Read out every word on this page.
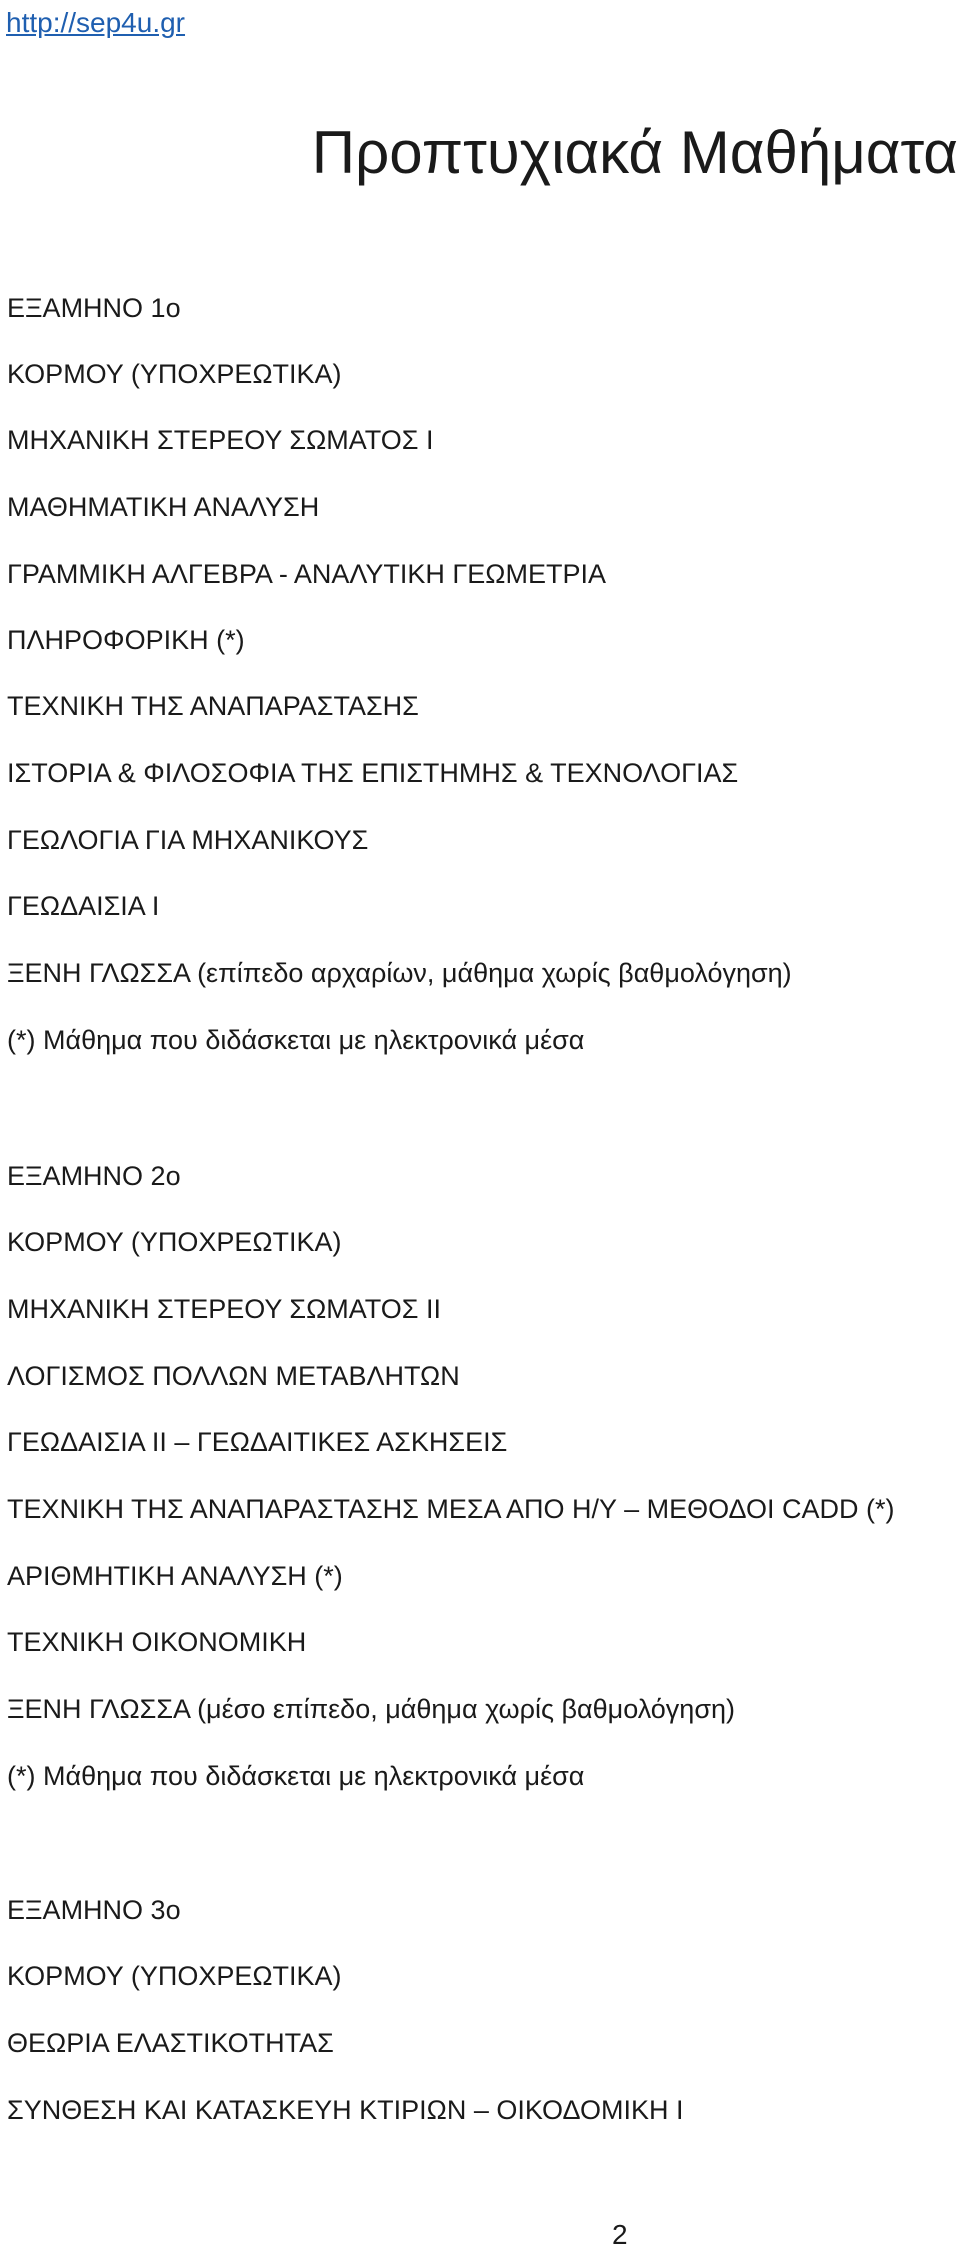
http://sep4u.gr
Προπτυχιακά Μαθήματα
ΕΞΑΜΗΝΟ 1ο
ΚΟΡΜΟΥ (ΥΠΟΧΡΕΩΤΙΚΑ)
ΜΗΧΑΝΙΚΗ ΣΤΕΡΕΟΥ ΣΩΜΑΤΟΣ Ι
ΜΑΘΗΜΑΤΙΚΗ ΑΝΑΛΥΣΗ
ΓΡΑΜΜΙΚΗ ΑΛΓΕΒΡΑ - ΑΝΑΛΥΤΙΚΗ ΓΕΩΜΕΤΡΙΑ
ΠΛΗΡΟΦΟΡΙΚΗ (*)
ΤΕΧΝΙΚΗ ΤΗΣ ΑΝΑΠΑΡΑΣΤΑΣΗΣ
ΙΣΤΟΡΙΑ & ΦΙΛΟΣΟΦΙΑ ΤΗΣ ΕΠΙΣΤΗΜΗΣ & ΤΕΧΝΟΛΟΓΙΑΣ
ΓΕΩΛΟΓΙΑ ΓΙΑ ΜΗΧΑΝΙΚΟΥΣ
ΓΕΩΔΑΙΣΙΑ Ι
ΞΕΝΗ ΓΛΩΣΣΑ (επίπεδο αρχαρίων, μάθημα χωρίς βαθμολόγηση)
(*) Μάθημα που διδάσκεται με ηλεκτρονικά μέσα
ΕΞΑΜΗΝΟ 2ο
ΚΟΡΜΟΥ (ΥΠΟΧΡΕΩΤΙΚΑ)
ΜΗΧΑΝΙΚΗ ΣΤΕΡΕΟΥ ΣΩΜΑΤΟΣ ΙΙ
ΛΟΓΙΣΜΟΣ ΠΟΛΛΩΝ ΜΕΤΑΒΛΗΤΩΝ
ΓΕΩΔΑΙΣΙΑ ΙΙ – ΓΕΩΔΑΙΤΙΚΕΣ ΑΣΚΗΣΕΙΣ
ΤΕΧΝΙΚΗ ΤΗΣ ΑΝΑΠΑΡΑΣΤΑΣΗΣ ΜΕΣΑ ΑΠΟ Η/Υ – ΜΕΘΟΔΟΙ CADD (*)
ΑΡΙΘΜΗΤΙΚΗ ΑΝΑΛΥΣΗ (*)
ΤΕΧΝΙΚΗ ΟΙΚΟΝΟΜΙΚΗ
ΞΕΝΗ ΓΛΩΣΣΑ (μέσο επίπεδο, μάθημα χωρίς βαθμολόγηση)
(*) Μάθημα που διδάσκεται με ηλεκτρονικά μέσα
ΕΞΑΜΗΝΟ 3ο
ΚΟΡΜΟΥ (ΥΠΟΧΡΕΩΤΙΚΑ)
ΘΕΩΡΙΑ ΕΛΑΣΤΙΚΟΤΗΤΑΣ
ΣΥΝΘΕΣΗ ΚΑΙ ΚΑΤΑΣΚΕΥΗ ΚΤΙΡΙΩΝ – ΟΙΚΟΔΟΜΙΚΗ Ι
2
